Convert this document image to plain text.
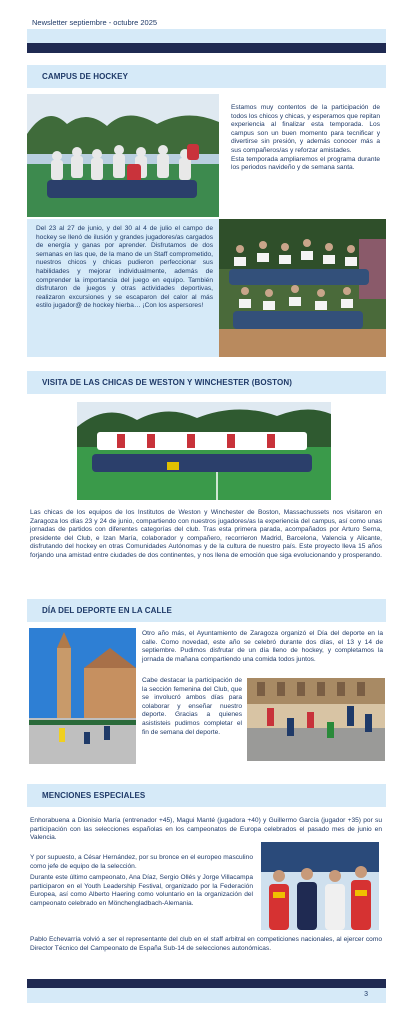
Newsletter septiembre - octubre 2025
CAMPUS DE HOCKEY

Estamos muy contentos de la participación de todos los chicos y chicas, y esperamos que repitan experiencia al finalizar esta temporada. Los campus son un buen momento para tecnificar y divertirse sin presión, y además conocer más a sus compañeros/as y reforzar amistades.

Esta temporada ampliaremos el programa durante los periodos navideño y de semana santa.

Del 23 al 27 de junio, y del 30 al 4 de julio el campo de hockey se llenó de ilusión y grandes jugadores/as cargados de energía y ganas por aprender. Disfrutamos de dos semanas en las que, de la mano de un Staff comprometido, nuestros chicos y chicas pudieron perfeccionar sus habilidades y mejorar individualmente, además de comprender la importancia del juego en equipo. También disfrutaron de juegos y otras actividades deportivas, realizaron excursiones y se escaparon del calor al más estilo jugador@ de hockey hierba… ¡Con los aspersores!

VISITA DE LAS CHICAS DE WESTON Y WINCHESTER (BOSTON)

Las chicas de los equipos de los Institutos de Weston y Winchester de Boston, Massachussets nos visitaron en Zaragoza los días 23 y 24 de junio, compartiendo con nuestros jugadores/as la experiencia del campus, así como unas jornadas de partidos con diferentes categorías del club. Tras esta primera parada, acompañados por Arturo Serna, presidente del Club, e Izan María, colaborador y compañero, recorrieron Madrid, Barcelona, Valencia y Alicante, disfrutando del hockey en otras Comunidades Autónomas y de la cultura de nuestro país. Este proyecto lleva 15 años forjando una amistad entre ciudades de dos continentes, y nos llena de emoción que siga evolucionando y prosperando.

DÍA DEL DEPORTE EN LA CALLE

Otro año más, el Ayuntamiento de Zaragoza organizó el Día del deporte en la calle. Como novedad, este año se celebró durante dos días, el 13 y 14 de septiembre. Pudimos disfrutar de un día lleno de hockey, y completamos la jornada de mañana compartiendo una comida todos juntos.

Cabe destacar la participación de la sección femenina del Club, que se involucró ambos días para colaborar y enseñar nuestro deporte. Gracias a quienes asististeis pudimos completar el fin de semana del deporte.

MENCIONES ESPECIALES

Enhorabuena a Dionisio María (entrenador +45), Magui Manté (jugadora +40) y Guillermo García (jugador +35) por su participación con las selecciones españolas en los campeonatos de Europa celebrados el pasado mes de junio en Valencia.

Y por supuesto, a César Hernández, por su bronce en el europeo masculino como jefe de equipo de la selección.

Durante este último campeonato, Ana Díaz, Sergio Ollés y Jorge Villacampa participaron en el Youth Leadership Festival, organizado por la Federación Europea, así como Alberto Haering como voluntario en la organización del campeonato celebrado en Mönchengladbach-Alemania.

Pablo Echevarría volvió a ser el representante del club en el staff arbitral en competiciones nacionales, al ejercer como Director Técnico del Campeonato de España Sub-14 de selecciones autonómicas.

3
